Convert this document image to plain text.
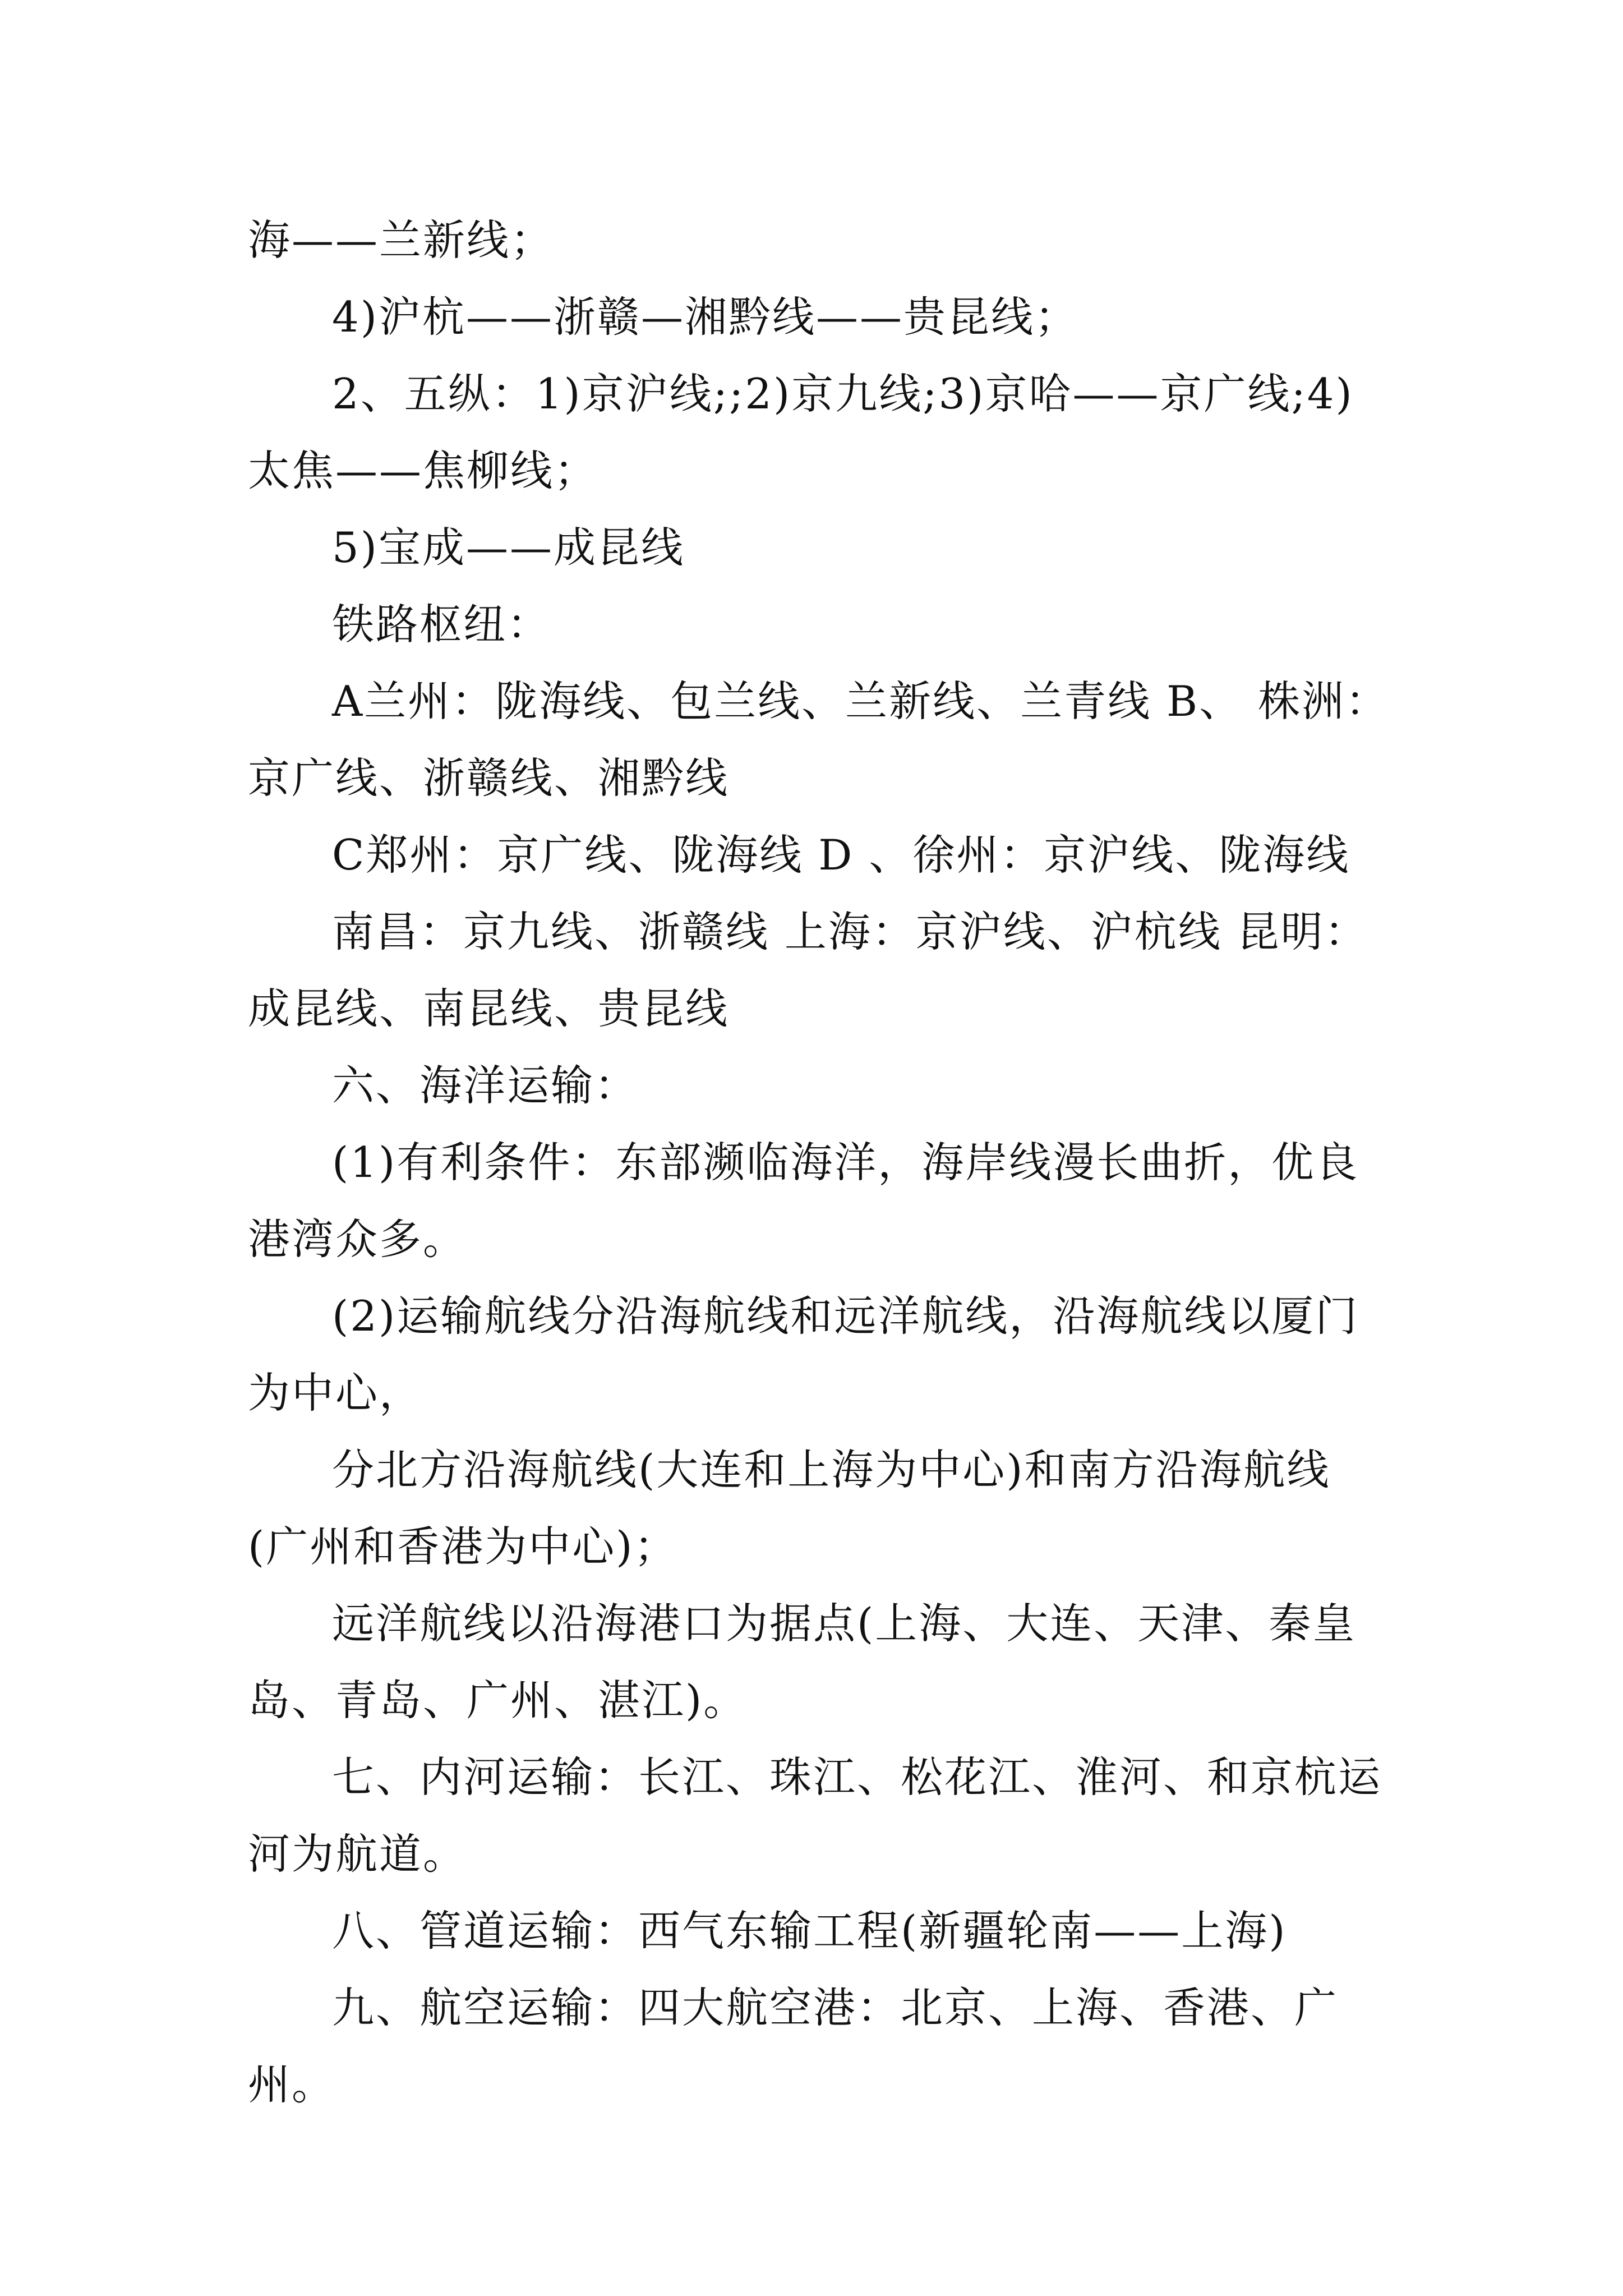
海——兰新线；

4)沪杭——浙赣—湘黔线——贵昆线；

2、五纵：1)京沪线;;2)京九线;3)京哈——京广线;4)太焦——焦柳线；

5)宝成——成昆线

铁路枢纽：

A兰州：陇海线、包兰线、兰新线、兰青线 B、 株洲：京广线、浙赣线、湘黔线

C郑州：京广线、陇海线 D 、徐州：京沪线、陇海线

南昌：京九线、浙赣线 上海：京沪线、沪杭线 昆明：成昆线、南昆线、贵昆线

六、海洋运输：

(1)有利条件：东部濒临海洋，海岸线漫长曲折，优良港湾众多。

(2)运输航线分沿海航线和远洋航线，沿海航线以厦门为中心，

分北方沿海航线(大连和上海为中心)和南方沿海航线(广州和香港为中心)；

远洋航线以沿海港口为据点(上海、大连、天津、秦皇岛、青岛、广州、湛江)。

七、内河运输：长江、珠江、松花江、淮河、和京杭运河为航道。

八、管道运输：西气东输工程(新疆轮南——上海)

九、航空运输：四大航空港：北京、上海、香港、广州。
